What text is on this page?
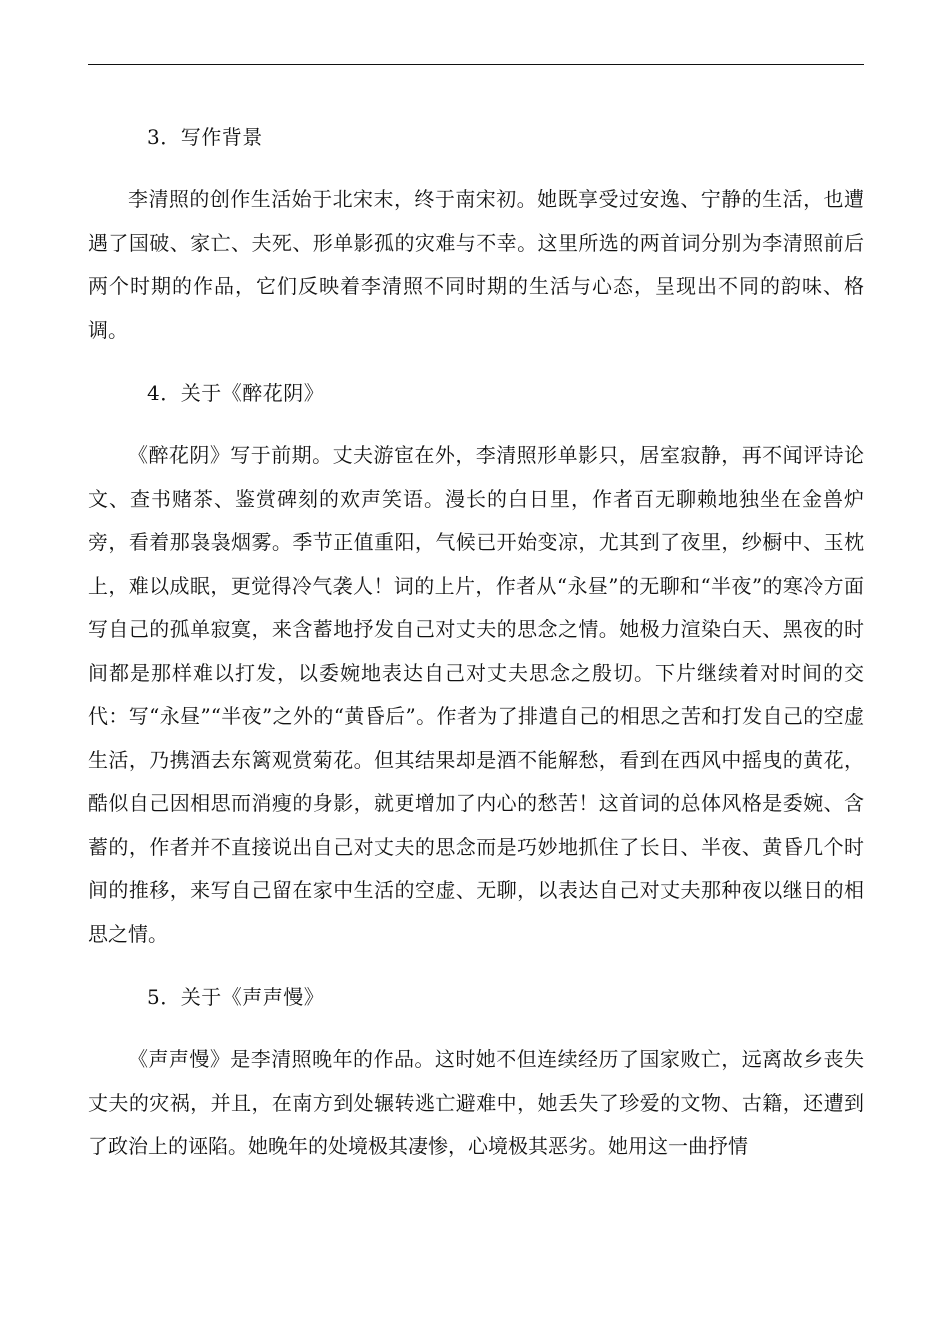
3．写作背景

李清照的创作生活始于北宋末，终于南宋初。她既享受过安逸、宁静的生活，也遭遇了国破、家亡、夫死、形单影孤的灾难与不幸。这里所选的两首词分别为李清照前后两个时期的作品，它们反映着李清照不同时期的生活与心态，呈现出不同的韵味、格调。

4．关于《醉花阴》

《醉花阴》写于前期。丈夫游宦在外，李清照形单影只，居室寂静，再不闻评诗论文、查书赌茶、鉴赏碑刻的欢声笑语。漫长的白日里，作者百无聊赖地独坐在金兽炉旁，看着那袅袅烟雾。季节正值重阳，气候已开始变凉，尤其到了夜里，纱橱中、玉枕上，难以成眠，更觉得冷气袭人！词的上片，作者从“永昼”的无聊和“半夜”的寒冷方面写自己的孤单寂寞，来含蓄地抒发自己对丈夫的思念之情。她极力渲染白天、黑夜的时间都是那样难以打发，以委婉地表达自己对丈夫思念之殷切。下片继续着对时间的交代：写“永昼”“半夜”之外的“黄昏后”。作者为了排遣自己的相思之苦和打发自己的空虚生活，乃携酒去东篱观赏菊花。但其结果却是酒不能解愁，看到在西风中摇曳的黄花，酷似自己因相思而消瘦的身影，就更增加了内心的愁苦！这首词的总体风格是委婉、含蓄的，作者并不直接说出自己对丈夫的思念而是巧妙地抓住了长日、半夜、黄昏几个时间的推移，来写自己留在家中生活的空虚、无聊，以表达自己对丈夫那种夜以继日的相思之情。

5．关于《声声慢》

《声声慢》是李清照晚年的作品。这时她不但连续经历了国家败亡，远离故乡丧失丈夫的灾祸，并且，在南方到处辗转逃亡避难中，她丢失了珍爱的文物、古籍，还遭到了政治上的诬陷。她晚年的处境极其凄惨，心境极其恶劣。她用这一曲抒情
